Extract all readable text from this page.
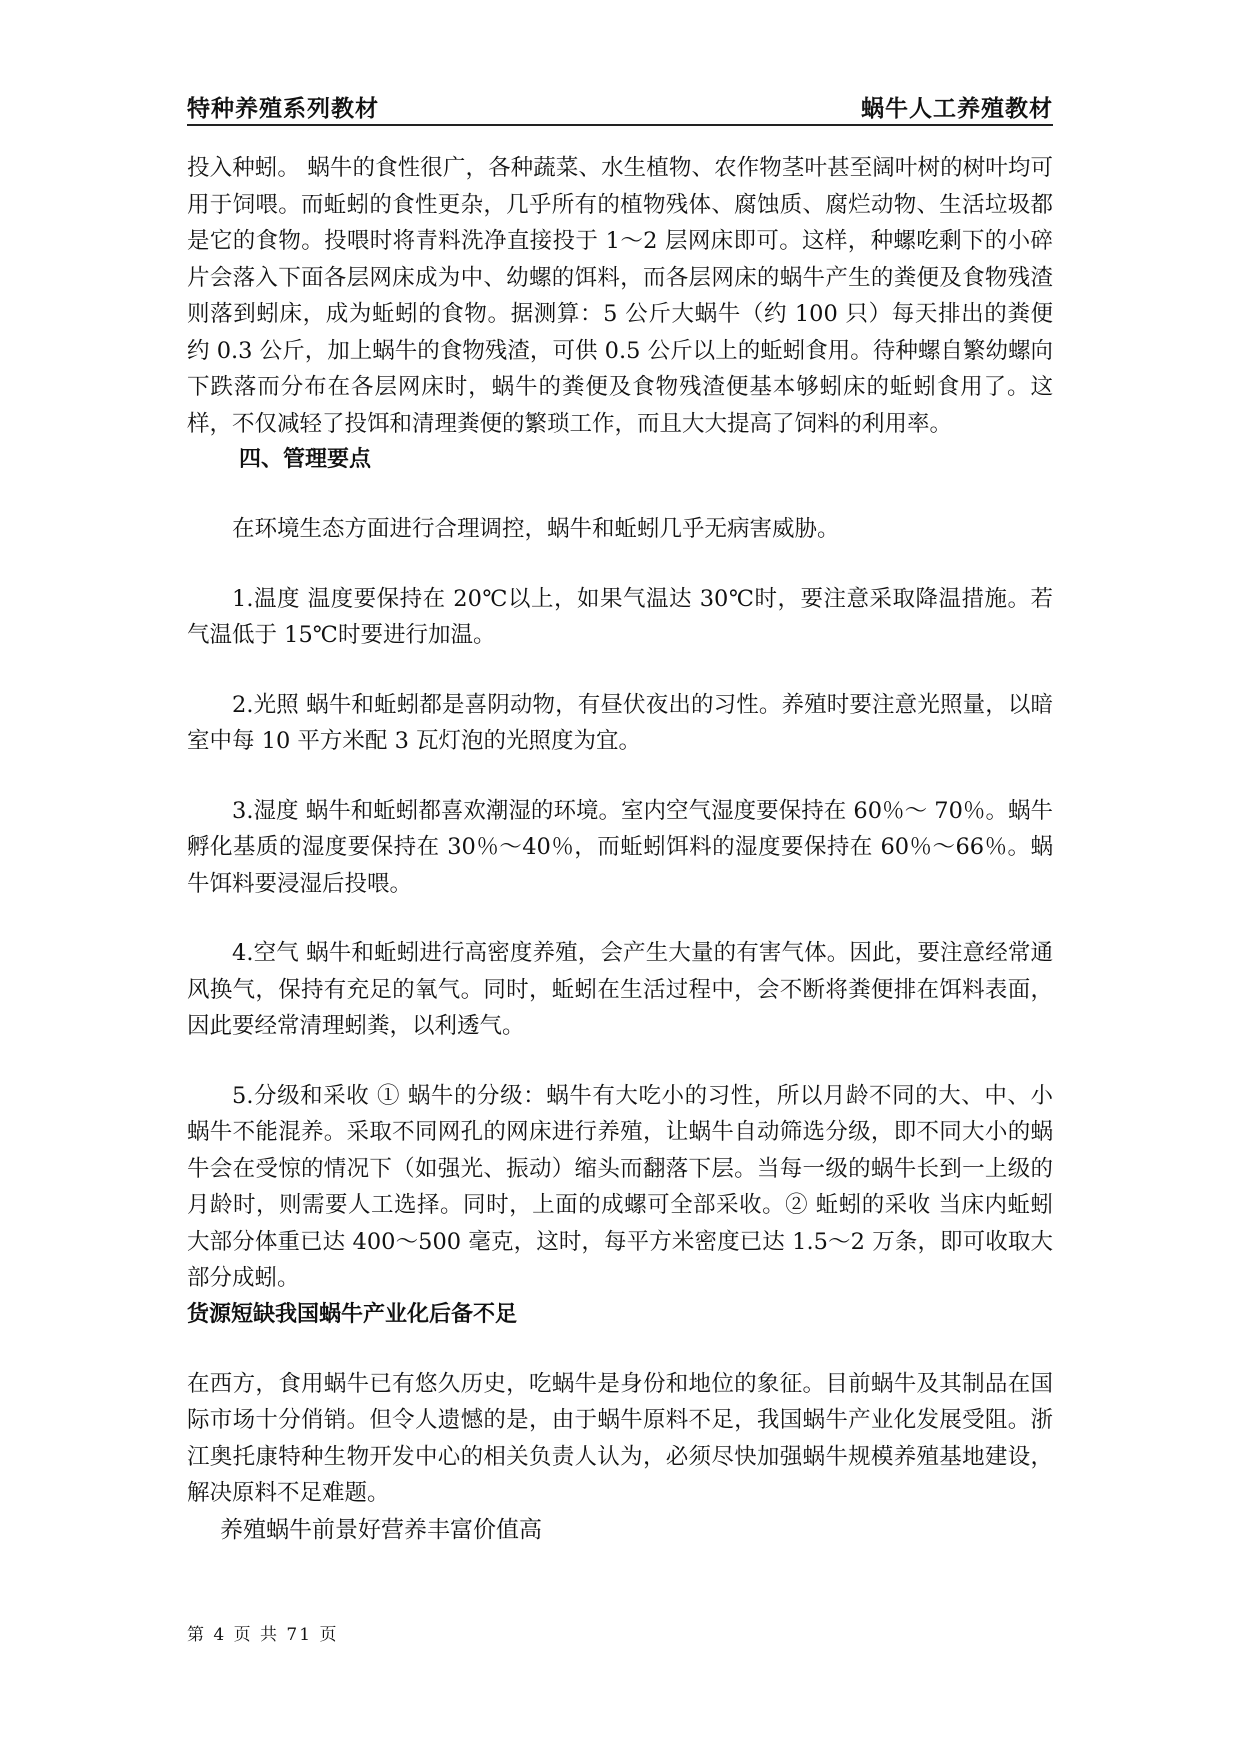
特种养殖系列教材	蜗牛人工养殖教材

投入种蚓。 蜗牛的食性很广，各种蔬菜、水生植物、农作物茎叶甚至阔叶树的树叶均可用于饲喂。而蚯蚓的食性更杂，几乎所有的植物残体、腐蚀质、腐烂动物、生活垃圾都是它的食物。投喂时将青料洗净直接投于 1～2 层网床即可。这样，种螺吃剩下的小碎片会落入下面各层网床成为中、幼螺的饵料，而各层网床的蜗牛产生的粪便及食物残渣则落到蚓床，成为蚯蚓的食物。据测算：5 公斤大蜗牛（约 100 只）每天排出的粪便约 0.3 公斤，加上蜗牛的食物残渣，可供 0.5 公斤以上的蚯蚓食用。待种螺自繁幼螺向下跌落而分布在各层网床时，蜗牛的粪便及食物残渣便基本够蚓床的蚯蚓食用了。这样，不仅减轻了投饵和清理粪便的繁琐工作，而且大大提高了饲料的利用率。

四、管理要点

在环境生态方面进行合理调控，蜗牛和蚯蚓几乎无病害威胁。

1.温度 温度要保持在 20℃以上，如果气温达 30℃时，要注意采取降温措施。若气温低于 15℃时要进行加温。

2.光照 蜗牛和蚯蚓都是喜阴动物，有昼伏夜出的习性。养殖时要注意光照量，以暗室中每 10 平方米配 3 瓦灯泡的光照度为宜。

3.湿度 蜗牛和蚯蚓都喜欢潮湿的环境。室内空气湿度要保持在 60％～ 70％。蜗牛孵化基质的湿度要保持在 30％～40％，而蚯蚓饵料的湿度要保持在 60％～66％。蜗牛饵料要浸湿后投喂。

4.空气 蜗牛和蚯蚓进行高密度养殖，会产生大量的有害气体。因此，要注意经常通风换气，保持有充足的氧气。同时，蚯蚓在生活过程中，会不断将粪便排在饵料表面，因此要经常清理蚓粪，以利透气。

5.分级和采收 ① 蜗牛的分级：蜗牛有大吃小的习性，所以月龄不同的大、中、小蜗牛不能混养。采取不同网孔的网床进行养殖，让蜗牛自动筛选分级，即不同大小的蜗牛会在受惊的情况下（如强光、振动）缩头而翻落下层。当每一级的蜗牛长到一上级的月龄时，则需要人工选择。同时，上面的成螺可全部采收。② 蚯蚓的采收 当床内蚯蚓大部分体重已达 400～500 毫克，这时，每平方米密度已达 1.5～2 万条，即可收取大部分成蚓。

货源短缺我国蜗牛产业化后备不足

在西方，食用蜗牛已有悠久历史，吃蜗牛是身份和地位的象征。目前蜗牛及其制品在国际市场十分俏销。但令人遗憾的是，由于蜗牛原料不足，我国蜗牛产业化发展受阻。浙江奥托康特种生物开发中心的相关负责人认为，必须尽快加强蜗牛规模养殖基地建设，解决原料不足难题。

养殖蜗牛前景好营养丰富价值高

第 4 页 共 71 页
